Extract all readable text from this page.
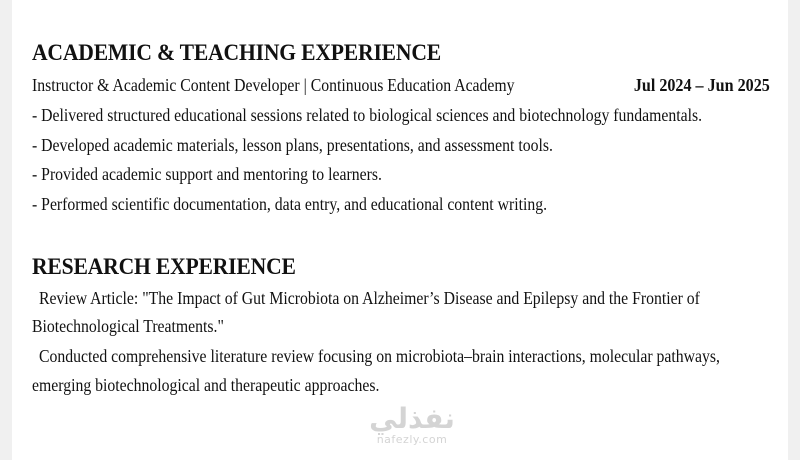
ACADEMIC & TEACHING EXPERIENCE
Instructor & Academic Content Developer | Continuous Education Academy	Jul 2024 – Jun 2025
- Delivered structured educational sessions related to biological sciences and biotechnology fundamentals.
- Developed academic materials, lesson plans, presentations, and assessment tools.
- Provided academic support and mentoring to learners.
- Performed scientific documentation, data entry, and educational content writing.
RESEARCH EXPERIENCE
Review Article: "The Impact of Gut Microbiota on Alzheimer’s Disease and Epilepsy and the Frontier of
Biotechnological Treatments."
Conducted comprehensive literature review focusing on microbiota–brain interactions, molecular pathways,
emerging biotechnological and therapeutic approaches.
نفذلي
nafezly.com
